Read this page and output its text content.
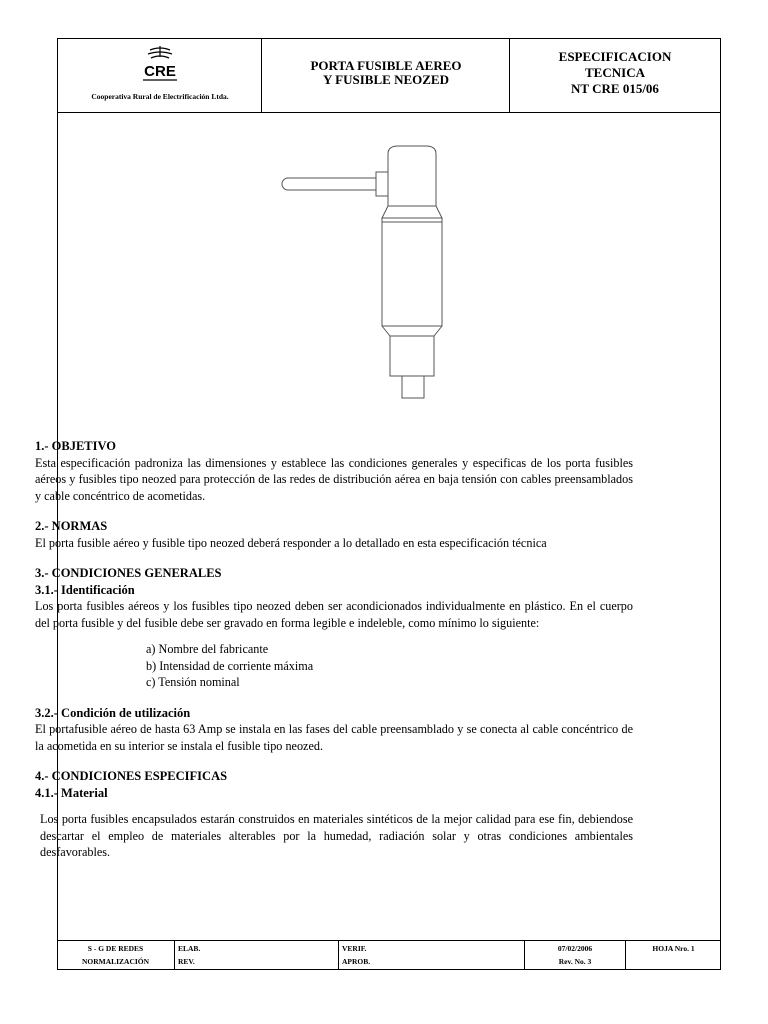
CRE
Cooperativa Rural de Electrificación Ltda.
PORTA FUSIBLE AEREO
Y FUSIBLE NEOZED
ESPECIFICACION
TECNICA
NT CRE 015/06

1.- OBJETIVO

Esta especificación padroniza las dimensiones y establece las condiciones generales y especificas de los porta fusibles aéreos y fusibles tipo neozed para protección de las redes de distribución aérea en baja tensión con cables preensamblados y cable concéntrico de acometidas.

2.- NORMAS

El porta fusible aéreo y fusible tipo neozed deberá responder a lo detallado en esta especificación técnica

3.- CONDICIONES GENERALES

3.1.- Identificación

Los porta fusibles aéreos y los fusibles tipo neozed deben ser acondicionados individualmente en plástico. En el cuerpo del porta fusible y del fusible debe ser gravado en forma legible e indeleble, como mínimo lo siguiente:

a) Nombre del fabricante
b) Intensidad de corriente máxima
c) Tensión nominal

3.2.- Condición de utilización

El portafusible aéreo de hasta 63 Amp se instala en las fases del cable preensamblado y se conecta al cable concéntrico de la acometida en su interior se instala el fusible tipo neozed.

4.- CONDICIONES ESPECIFICAS

4.1.- Material

Los porta fusibles encapsulados estarán construidos en materiales sintéticos de la mejor calidad para ese fin, debiendose descartar el empleo de materiales alterables por la humedad, radiación solar y otras condiciones ambientales desfavorables.

S - G DE REDES
NORMALIZACIÓN
ELAB.
REV.
VERIF.
APROB.
07/02/2006
Rev. No. 3
HOJA Nro. 1
